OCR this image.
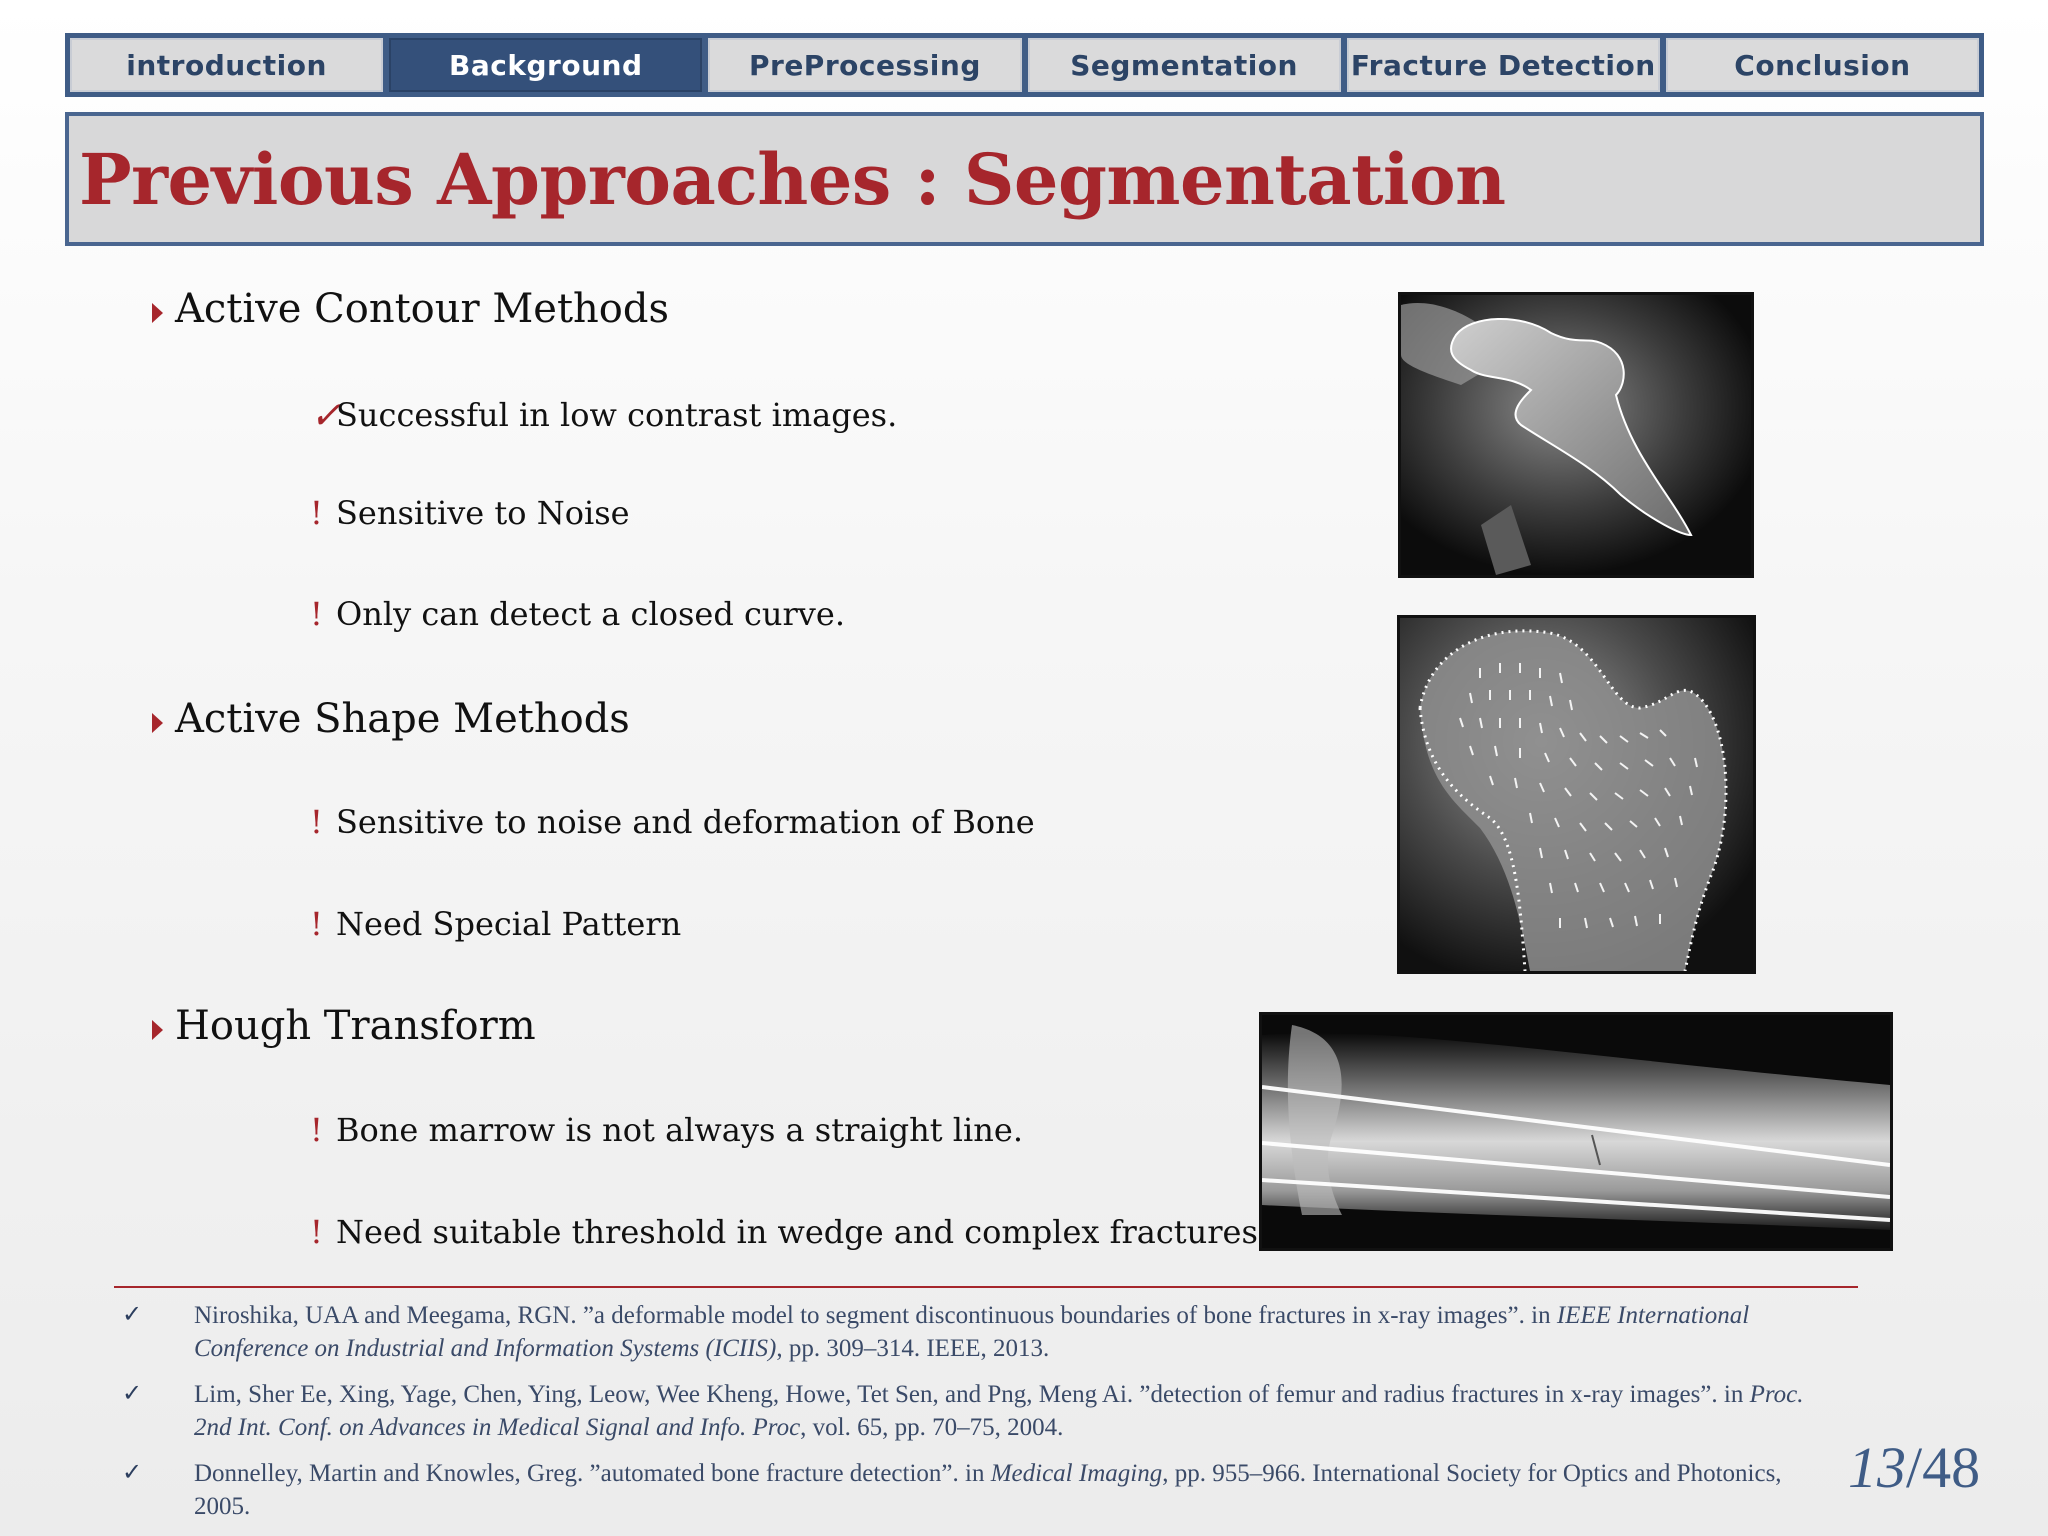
introduction	Background	PreProcessing	Segmentation	Fracture Detection	Conclusion
Previous Approaches : Segmentation
Active Contour Methods
✓
Successful in low contrast images.
! Sensitive to Noise
! Only can detect a closed curve.
Active Shape Methods
! Sensitive to noise and deformation of Bone
! Need Special Pattern
Hough Transform
! Bone marrow is not always a straight line.
! Need suitable threshold in wedge and complex fractures
✓ Niroshika, UAA and Meegama, RGN. ”a deformable model to segment discontinuous boundaries of bone fractures in x-ray images”. in IEEE International Conference on Industrial and Information Systems (ICIIS), pp. 309–314. IEEE, 2013.
✓ Lim, Sher Ee, Xing, Yage, Chen, Ying, Leow, Wee Kheng, Howe, Tet Sen, and Png, Meng Ai. ”detection of femur and radius fractures in x-ray images”. in Proc. 2nd Int. Conf. on Advances in Medical Signal and Info. Proc, vol. 65, pp. 70–75, 2004.
✓ Donnelley, Martin and Knowles, Greg. ”automated bone fracture detection”. in Medical Imaging, pp. 955–966. International Society for Optics and Photonics, 2005.
13/48
